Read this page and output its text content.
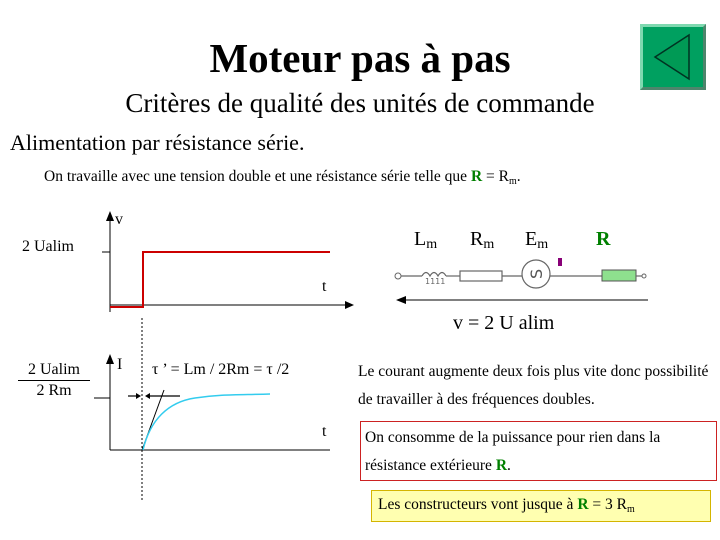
Moteur pas à pas
Critères de qualité des unités de commande
Alimentation par résistance série.
On travaille avec une tension double et une résistance série telle que $R = R_m$.
v
2 Ualim
t
$L_m$ $R_m$ $E_m$ R
1111
S
v = 2 U alim
I
t
τ ’ = Lm / 2Rm = τ /2
$\frac{2 Ualim}{2 Rm}$	Le courant augmente deux fois plus vite donc possibilité de travailler à des fréquences doubles.
On consomme de la puissance pour rien dans la résistance extérieure R.
Les constructeurs vont jusque à R = 3 $R_m$
